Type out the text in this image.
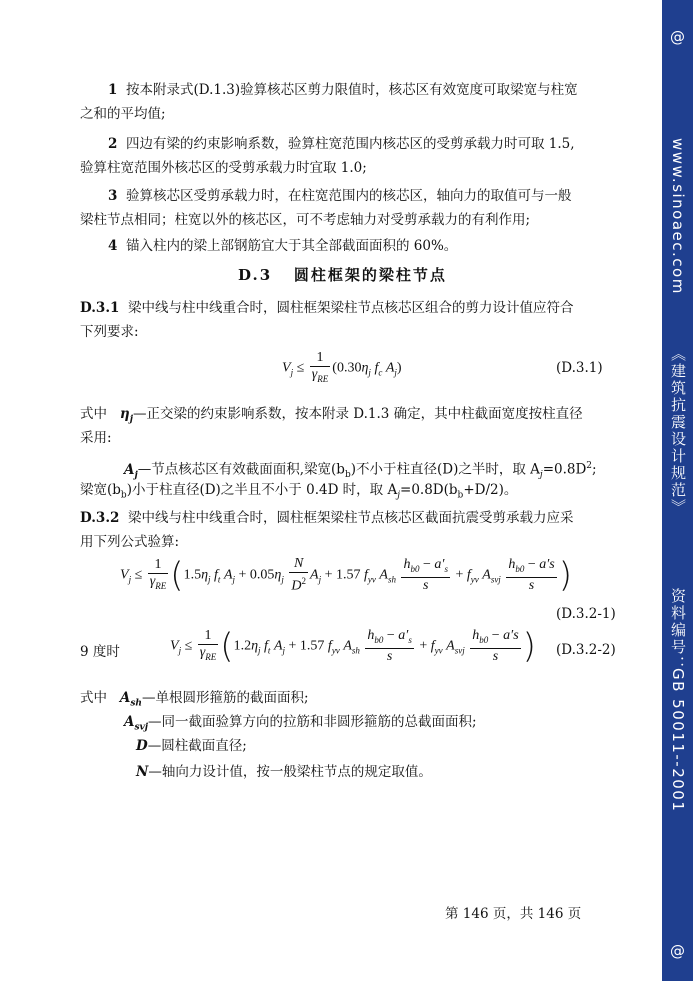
1 按本附录式(D.1.3)验算核芯区剪力限值时，核芯区有效宽度可取梁宽与柱宽
之和的平均值;
2 四边有梁的约束影响系数，验算柱宽范围内核芯区的受剪承载力时可取 1.5,
验算柱宽范围外核芯区的受剪承载力时宜取 1.0;
3 验算核芯区受剪承载力时，在柱宽范围内的核芯区，轴向力的取值可与一般
梁柱节点相同；柱宽以外的核芯区，可不考虑轴力对受剪承载力的有利作用;
4 锚入柱内的梁上部钢筋宜大于其全部截面面积的 60%。
D.3 圆柱框架的梁柱节点
D.3.1 梁中线与柱中线重合时，圆柱框架梁柱节点核芯区组合的剪力设计值应符合
下列要求:
$V_j \le \frac{1}{\gamma_{RE}} (0.30\eta_j$ $f_c$ $A_j$)	(D.3.1)
式中 $\eta_j—$正交梁的约束影响系数，按本附录 D.1.3 确定，其中柱截面宽度按柱直径
采用:
$A_j—$节点核芯区有效截面面积,梁宽$(b_b)$不小于柱直径(D)之半时，取 $A_j=0.8D^2$;
梁宽$(b_b)$小于柱直径(D)之半且不小于 0.4D 时，取 $A_j=0.8D(b_b+D/2)$。
D.3.2 梁中线与柱中线重合时，圆柱框架梁柱节点核芯区截面抗震受剪承载力应采
用下列公式验算:
$V_j \le \frac{1}{\gamma_{RE}} (1.5\eta_j$ $f_t$ $A_j + 0.05\eta_j \frac{N}{D^2} A_j + 1.57$ $f_{yv}$ $A_{sh} \frac{h_{b0} - a'_s}{s} + f_{yv}$ $A_{svj} \frac{h_{b0} - a's}{s}$ )
(D.3.2-1)
9 度时	$V_j \le \frac{1}{\gamma_{RE}} (1.2\eta_j$ $f_t$ $A_j + 1.57$ $f_{yv}$ $A_{sh} \frac{h_{b0} - a'_s}{s} + f_{yv}$ $A_{svj} \frac{h_{b0} - a's}{s}$ ) (D.3.2-2)
式中 $A_{sh}—$单根圆形箍筋的截面面积;
$A_{svj}—$同一截面验算方向的拉筋和非圆形箍筋的总截面面积;
D—圆柱截面直径;
N—轴向力设计值，按一般梁柱节点的规定取值。
第 146 页，共 146 页
@
www.sinoaec.com
《建筑抗震设计规范》
资料编号：
GB 50011--2001
@
